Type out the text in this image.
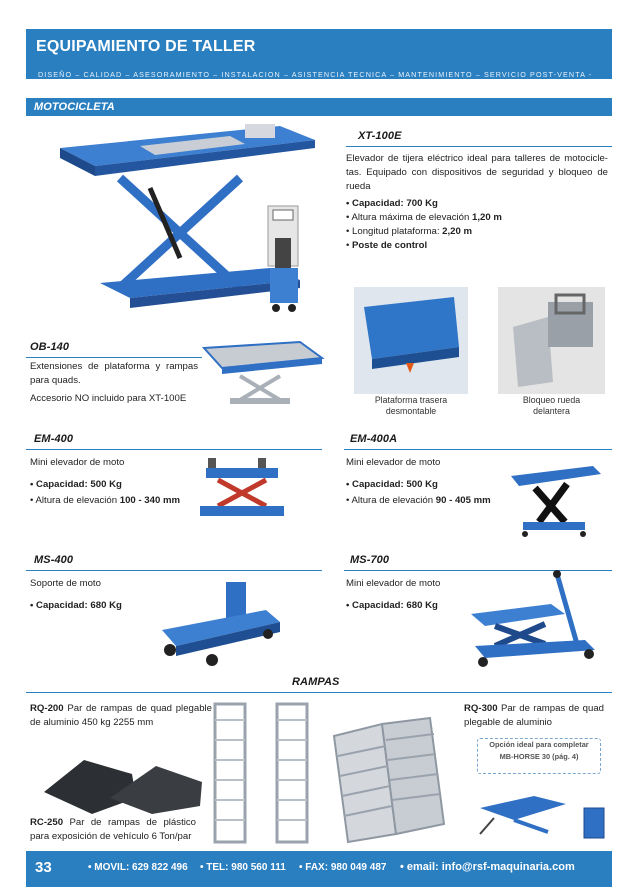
EQUIPAMIENTO DE TALLER
DISEÑO – CALIDAD – ASESORAMIENTO – INSTALACION – ASISTENCIA TECNICA – MANTENIMIENTO – SERVICIO POST-VENTA -
MOTOCICLETA
XT-100E
Elevador de tijera eléctrico ideal para talleres de motocicle-tas. Equipado con dispositivos de seguridad y bloqueo de rueda
• Capacidad: 700 Kg
• Altura máxima de elevación 1,20 m
• Longitud plataforma: 2,20 m
• Poste de control
Plataforma trasera
desmontable
Bloqueo rueda
delantera
OB-140
Extensiones de plataforma y rampas para quads.
Accesorio NO incluido para XT-100E
EM-400
Mini elevador de moto
• Capacidad: 500 Kg
• Altura de elevación 100 - 340 mm
EM-400A
Mini elevador de moto
• Capacidad: 500 Kg
• Altura de elevación 90 - 405 mm
MS-400
Soporte de moto
• Capacidad: 680 Kg
MS-700
Mini elevador de moto
• Capacidad: 680 Kg
RAMPAS
RQ-200 Par de rampas de quad plegable de aluminio 450 kg 2255 mm
RQ-300 Par de rampas de quad plegable de aluminio
RC-250 Par de rampas de plástico para exposición de vehículo 6 Ton/par
Opción ideal para completar
MB-HORSE 30 (pág. 4)
33	• MOVIL: 629 822 496 • TEL: 980 560 111 • FAX: 980 049 487 • email: info@rsf-maquinaria.com
